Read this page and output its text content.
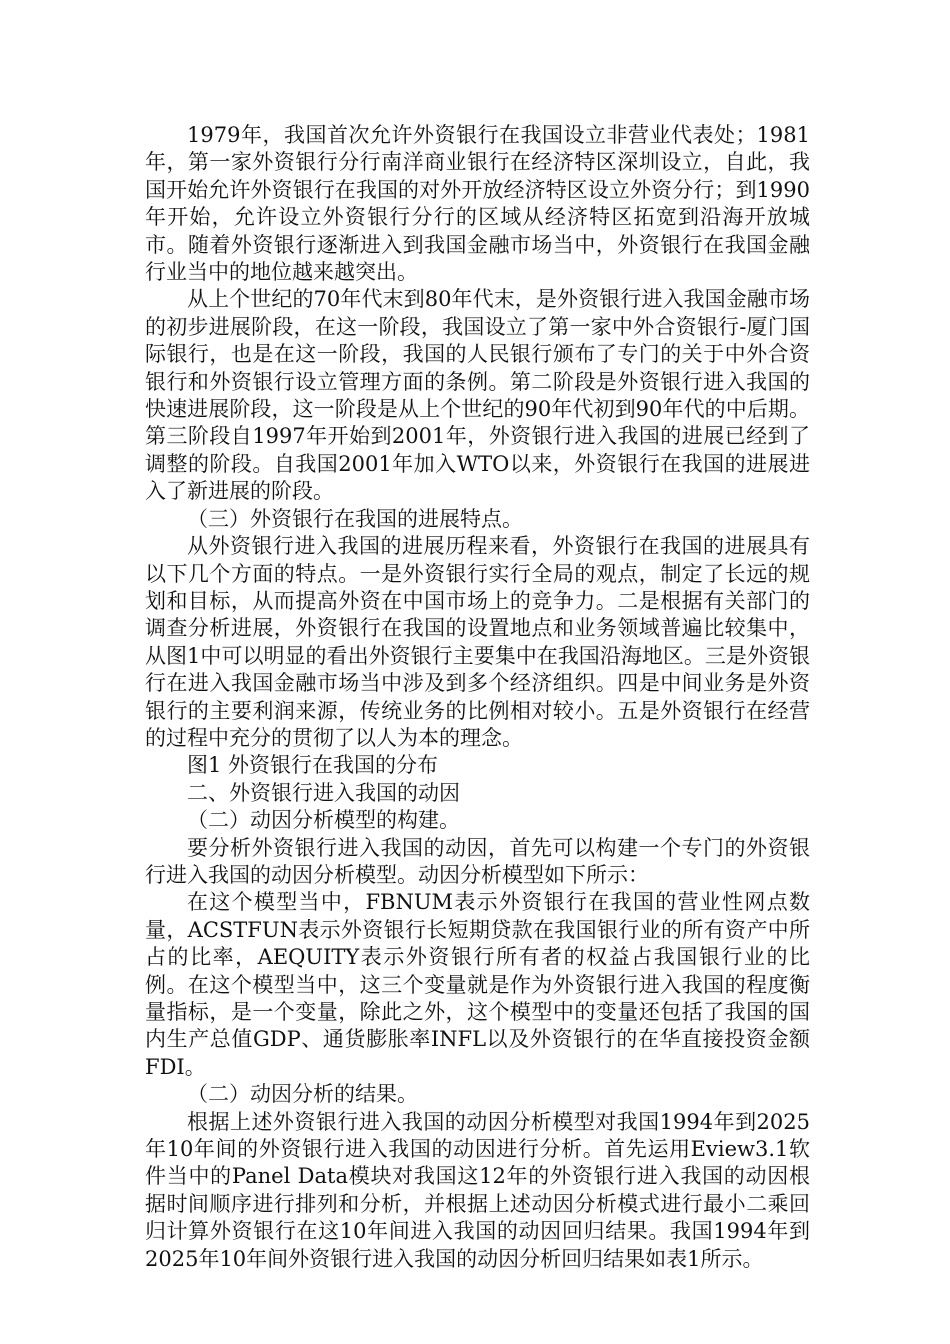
1979年，我国首次允许外资银行在我国设立非营业代表处；1981年，第一家外资银行分行南洋商业银行在经济特区深圳设立，自此，我国开始允许外资银行在我国的对外开放经济特区设立外资分行；到1990年开始，允许设立外资银行分行的区域从经济特区拓宽到沿海开放城市。随着外资银行逐渐进入到我国金融市场当中，外资银行在我国金融行业当中的地位越来越突出。

从上个世纪的70年代末到80年代末，是外资银行进入我国金融市场的初步进展阶段，在这一阶段，我国设立了第一家中外合资银行-厦门国际银行，也是在这一阶段，我国的人民银行颁布了专门的关于中外合资银行和外资银行设立管理方面的条例。第二阶段是外资银行进入我国的快速进展阶段，这一阶段是从上个世纪的90年代初到90年代的中后期。第三阶段自1997年开始到2001年，外资银行进入我国的进展已经到了调整的阶段。自我国2001年加入WTO以来，外资银行在我国的进展进入了新进展的阶段。

（三）外资银行在我国的进展特点。

从外资银行进入我国的进展历程来看，外资银行在我国的进展具有以下几个方面的特点。一是外资银行实行全局的观点，制定了长远的规划和目标，从而提高外资在中国市场上的竞争力。二是根据有关部门的调查分析进展，外资银行在我国的设置地点和业务领域普遍比较集中，从图1中可以明显的看出外资银行主要集中在我国沿海地区。三是外资银行在进入我国金融市场当中涉及到多个经济组织。四是中间业务是外资银行的主要利润来源，传统业务的比例相对较小。五是外资银行在经营的过程中充分的贯彻了以人为本的理念。

图1 外资银行在我国的分布

二、外资银行进入我国的动因

（二）动因分析模型的构建。

要分析外资银行进入我国的动因，首先可以构建一个专门的外资银行进入我国的动因分析模型。动因分析模型如下所示：

在这个模型当中，FBNUM表示外资银行在我国的营业性网点数量，ACSTFUN表示外资银行长短期贷款在我国银行业的所有资产中所占的比率，AEQUITY表示外资银行所有者的权益占我国银行业的比例。在这个模型当中，这三个变量就是作为外资银行进入我国的程度衡量指标，是一个变量，除此之外，这个模型中的变量还包括了我国的国内生产总值GDP、通货膨胀率INFL以及外资银行的在华直接投资金额FDI。

（二）动因分析的结果。

根据上述外资银行进入我国的动因分析模型对我国1994年到2025年10年间的外资银行进入我国的动因进行分析。首先运用Eview3.1软件当中的Panel Data模块对我国这12年的外资银行进入我国的动因根据时间顺序进行排列和分析，并根据上述动因分析模式进行最小二乘回归计算外资银行在这10年间进入我国的动因回归结果。我国1994年到2025年10年间外资银行进入我国的动因分析回归结果如表1所示。
